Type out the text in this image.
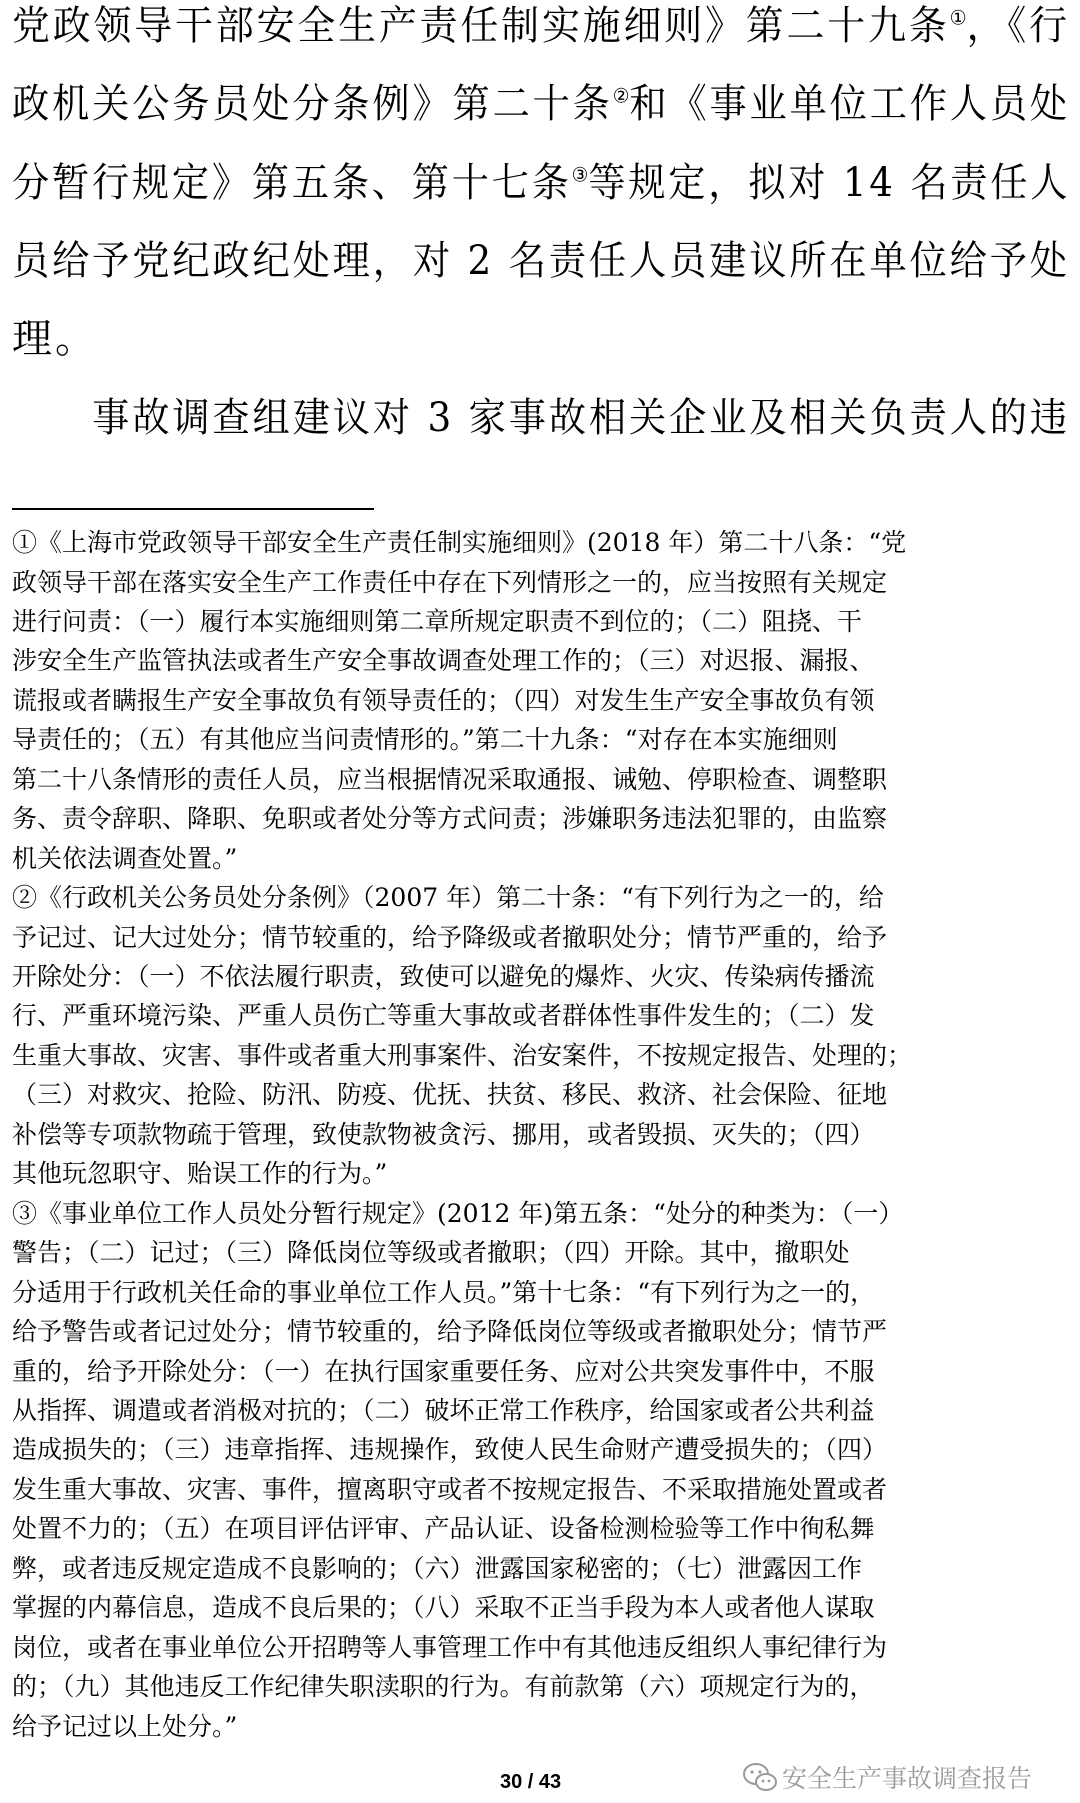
党政领导干部安全生产责任制实施细则》第二十九条①，《行
政机关公务员处分条例》第二十条②和《事业单位工作人员处
分暂行规定》第五条、第十七条③等规定，拟对 14 名责任人
员给予党纪政纪处理，对 2 名责任人员建议所在单位给予处
理。
　　事故调查组建议对 3 家事故相关企业及相关负责人的违
①《上海市党政领导干部安全生产责任制实施细则》(2018 年）第二十八条：“党
政领导干部在落实安全生产工作责任中存在下列情形之一的，应当按照有关规定
进行问责：（一）履行本实施细则第二章所规定职责不到位的；（二）阻挠、干
涉安全生产监管执法或者生产安全事故调查处理工作的；（三）对迟报、漏报、
谎报或者瞒报生产安全事故负有领导责任的；（四）对发生生产安全事故负有领
导责任的；（五）有其他应当问责情形的。”第二十九条：“对存在本实施细则
第二十八条情形的责任人员，应当根据情况采取通报、诫勉、停职检查、调整职
务、责令辞职、降职、免职或者处分等方式问责；涉嫌职务违法犯罪的，由监察
机关依法调查处置。”
②《行政机关公务员处分条例》（2007 年）第二十条：“有下列行为之一的，给
予记过、记大过处分；情节较重的，给予降级或者撤职处分；情节严重的，给予
开除处分：（一）不依法履行职责，致使可以避免的爆炸、火灾、传染病传播流
行、严重环境污染、严重人员伤亡等重大事故或者群体性事件发生的；（二）发
生重大事故、灾害、事件或者重大刑事案件、治安案件，不按规定报告、处理的；
（三）对救灾、抢险、防汛、防疫、优抚、扶贫、移民、救济、社会保险、征地
补偿等专项款物疏于管理，致使款物被贪污、挪用，或者毁损、灭失的；（四）
其他玩忽职守、贻误工作的行为。”
③《事业单位工作人员处分暂行规定》(2012 年)第五条：“处分的种类为：（一）
警告；（二）记过；（三）降低岗位等级或者撤职；（四）开除。其中，撤职处
分适用于行政机关任命的事业单位工作人员。”第十七条：“有下列行为之一的，
给予警告或者记过处分；情节较重的，给予降低岗位等级或者撤职处分；情节严
重的，给予开除处分：（一）在执行国家重要任务、应对公共突发事件中，不服
从指挥、调遣或者消极对抗的；（二）破坏正常工作秩序，给国家或者公共利益
造成损失的；（三）违章指挥、违规操作，致使人民生命财产遭受损失的；（四）
发生重大事故、灾害、事件，擅离职守或者不按规定报告、不采取措施处置或者
处置不力的；（五）在项目评估评审、产品认证、设备检测检验等工作中徇私舞
弊，或者违反规定造成不良影响的；（六）泄露国家秘密的；（七）泄露因工作
掌握的内幕信息，造成不良后果的；（八）采取不正当手段为本人或者他人谋取
岗位，或者在事业单位公开招聘等人事管理工作中有其他违反组织人事纪律行为
的；（九）其他违反工作纪律失职渎职的行为。有前款第（六）项规定行为的，
给予记过以上处分。”
30 / 43	安全生产事故调查报告
